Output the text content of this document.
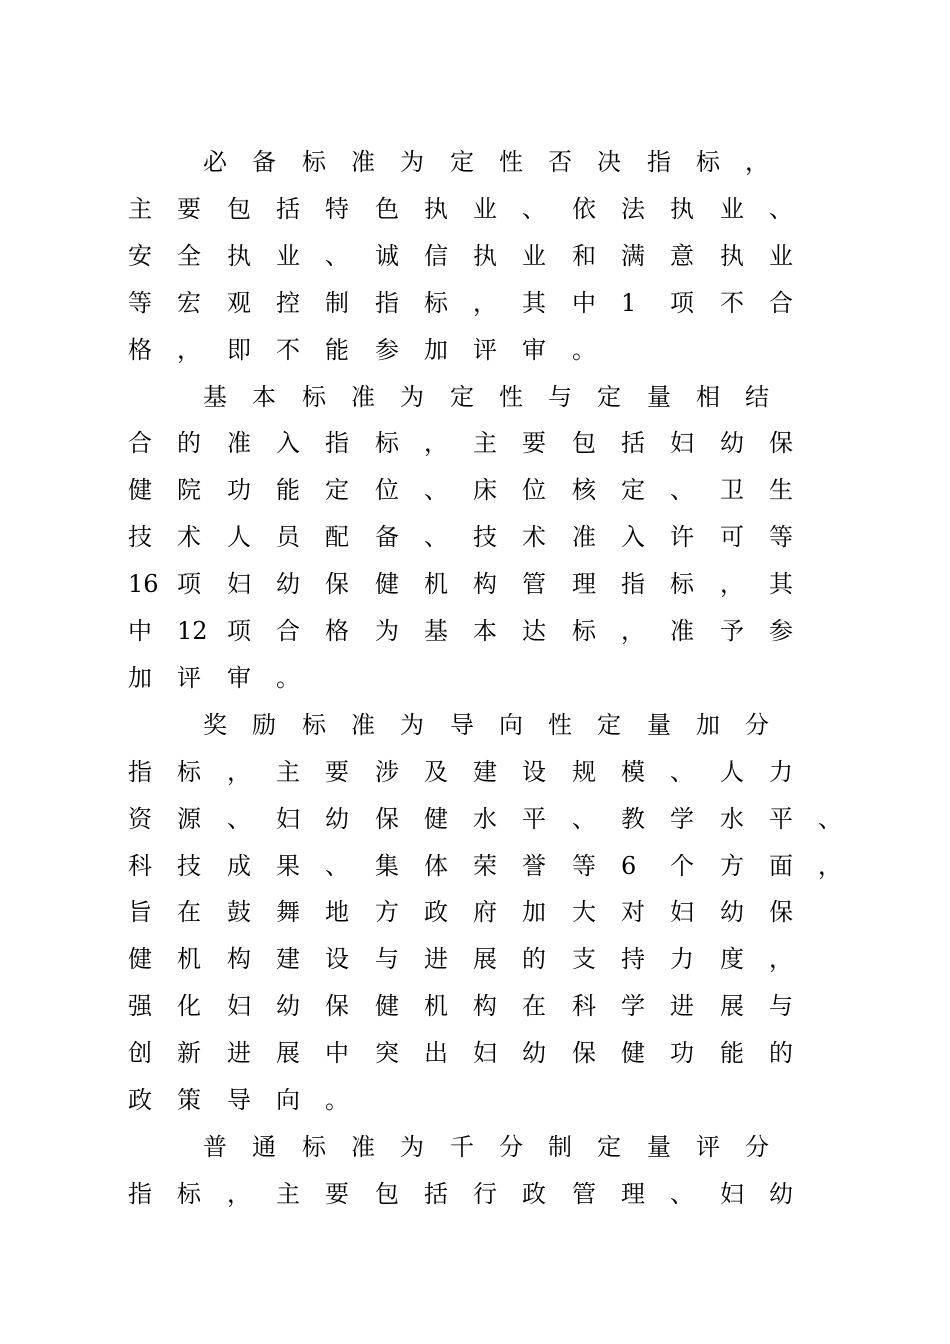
必 备 标 准 为 定 性 否 决 指 标 ，
主 要 包 括 特 色 执 业 、 依 法 执 业 、
安 全 执 业 、 诚 信 执 业 和 满 意 执 业
等 宏 观 控 制 指 标 ， 其 中 1 项 不 合
格 ， 即 不 能 参 加 评 审 。
基 本 标 准 为 定 性 与 定 量 相 结
合 的 准 入 指 标 ， 主 要 包 括 妇 幼 保
健 院 功 能 定 位 、 床 位 核 定 、 卫 生
技 术 人 员 配 备 、 技 术 准 入 许 可 等
16 项 妇 幼 保 健 机 构 管 理 指 标 ， 其
中 12 项 合 格 为 基 本 达 标 ， 准 予 参
加 评 审 。
奖 励 标 准 为 导 向 性 定 量 加 分
指 标 ， 主 要 涉 及 建 设 规 模 、 人 力
资 源 、 妇 幼 保 健 水 平 、 教 学 水 平 、
科 技 成 果 、 集 体 荣 誉 等 6 个 方 面 ，
旨 在 鼓 舞 地 方 政 府 加 大 对 妇 幼 保
健 机 构 建 设 与 进 展 的 支 持 力 度 ，
强 化 妇 幼 保 健 机 构 在 科 学 进 展 与
创 新 进 展 中 突 出 妇 幼 保 健 功 能 的
政 策 导 向 。
普 通 标 准 为 千 分 制 定 量 评 分
指 标 ， 主 要 包 括 行 政 管 理 、 妇 幼
